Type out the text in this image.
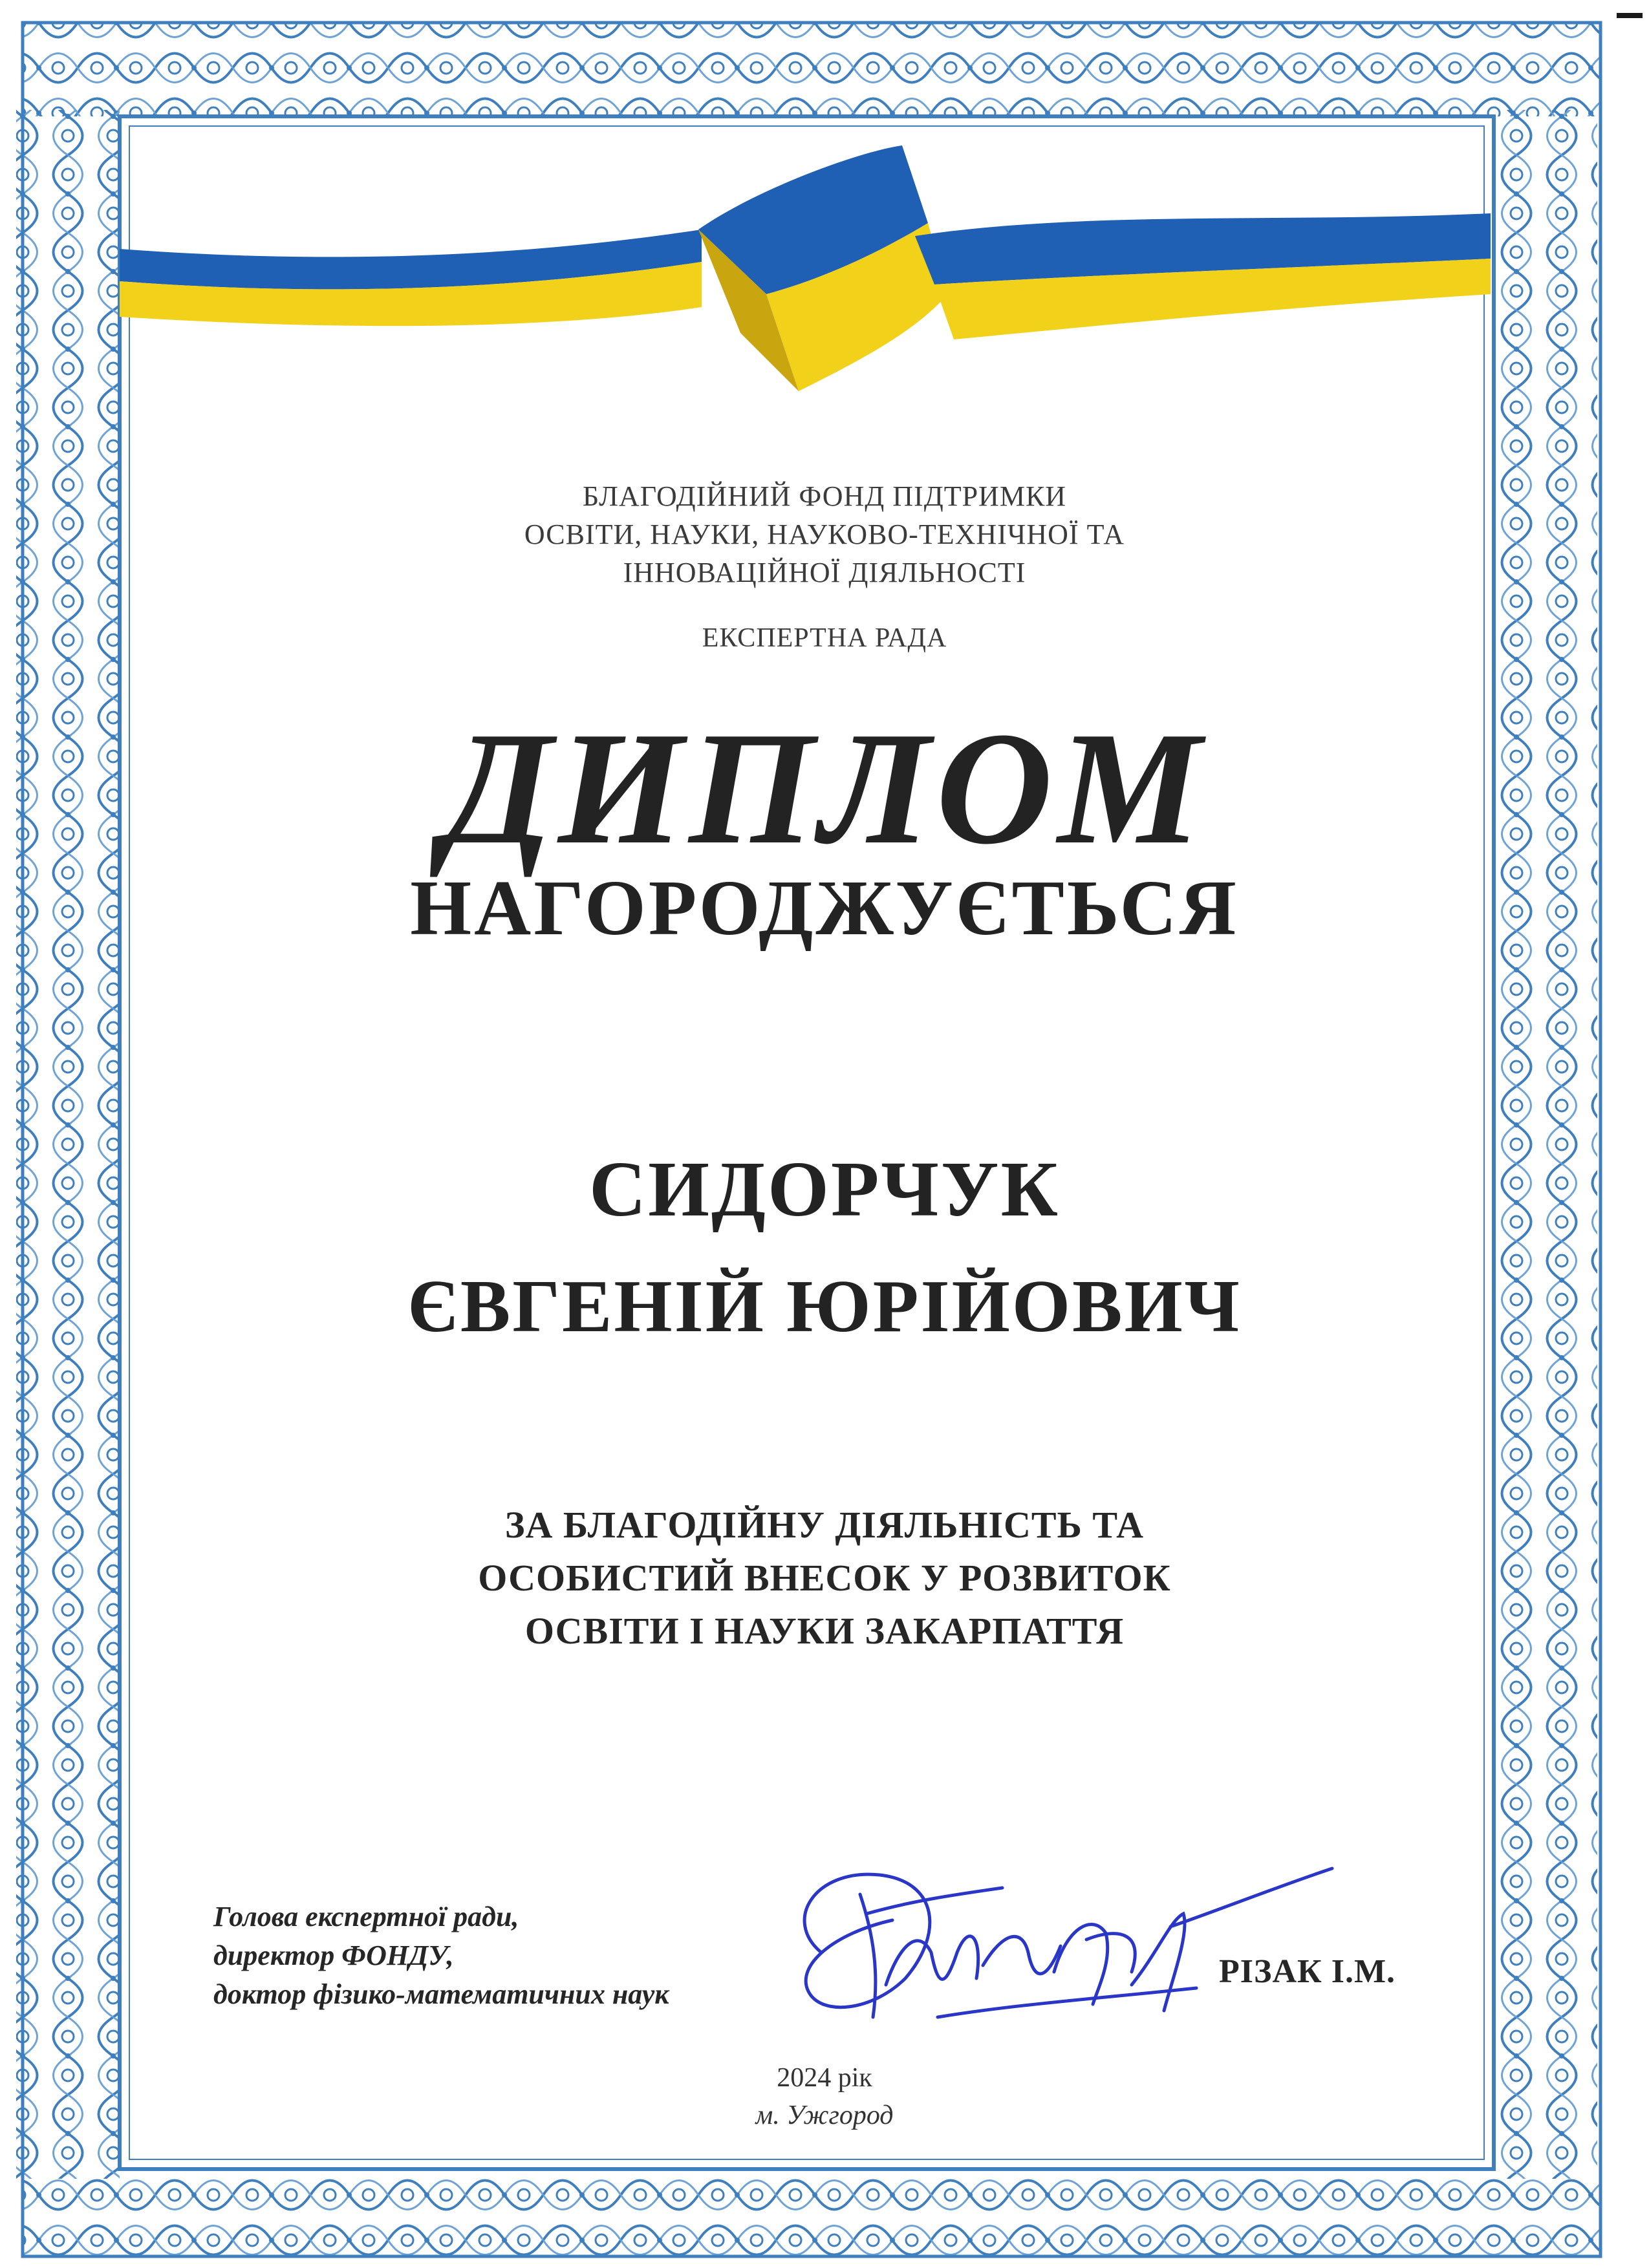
БЛАГОДІЙНИЙ ФОНД ПІДТРИМКИ
ОСВІТИ, НАУКИ, НАУКОВО-ТЕХНІЧНОЇ ТА
ІННОВАЦІЙНОЇ ДІЯЛЬНОСТІ
ЕКСПЕРТНА РАДА
ДИПЛОМ
НАГОРОДЖУЄТЬСЯ
СИДОРЧУК
ЄВГЕНІЙ ЮРІЙОВИЧ
ЗА БЛАГОДІЙНУ ДІЯЛЬНІСТЬ ТА
ОСОБИСТИЙ ВНЕСОК У РОЗВИТОК
ОСВІТИ І НАУКИ ЗАКАРПАТТЯ
Голова експертної ради,
директор ФОНДУ,
доктор фізико-математичних наук
РІЗАК І.М.
2024 рік
м. Ужгород
